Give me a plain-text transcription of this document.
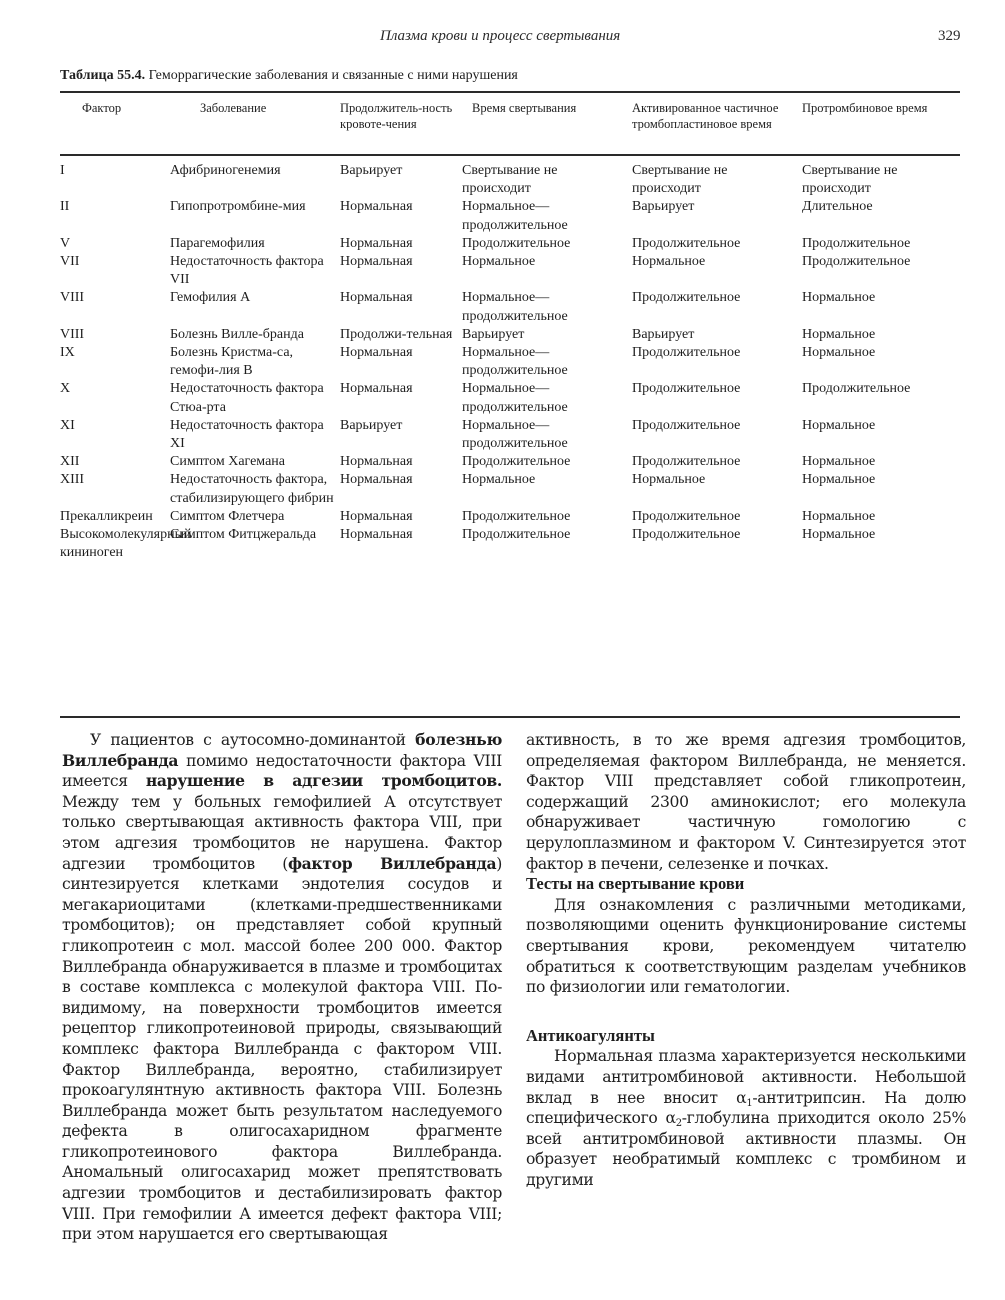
Плазма крови и процесс свертывания	329
Таблица 55.4. Геморрагические заболевания и связанные с ними нарушения
Фактор	Заболевание	Продолжитель-ность кровоте-чения	Время свертывания	Активированное частичное тромбопластиновое время	Протромбиновое время
I	Афибриногенемия	Варьирует	Свертывание не происходит	Свертывание не происходит	Свертывание не происходит
II	Гипопротромбине-мия	Нормальная	Нормальное—продолжительное	Варьирует	Длительное
V	Парагемофилия	Нормальная	Продолжительное	Продолжительное	Продолжительное
VII	Недостаточность фактора VII	Нормальная	Нормальное	Нормальное	Продолжительное
VIII	Гемофилия А	Нормальная	Нормальное—продолжительное	Продолжительное	Нормальное
VIII	Болезнь Вилле-бранда	Продолжи-тельная	Варьирует	Варьирует	Нормальное
IX	Болезнь Кристма-са, гемофи-лия В	Нормальная	Нормальное—продолжительное	Продолжительное	Нормальное
X	Недостаточность фактора Стюа-рта	Нормальная	Нормальное—продолжительное	Продолжительное	Продолжительное
XI	Недостаточность фактора XI	Варьирует	Нормальное—продолжительное	Продолжительное	Нормальное
XII	Симптом Хагемана	Нормальная	Продолжительное	Продолжительное	Нормальное
XIII	Недостаточность фактора, стабилизирующего фибрин	Нормальная	Нормальное	Нормальное	Нормальное
Прекалликреин	Симптом Флетчера	Нормальная	Продолжительное	Продолжительное	Нормальное
Высокомолекулярный кининоген	Симптом Фитцжеральда	Нормальная	Продолжительное	Продолжительное	Нормальное

У пациентов с аутосомно-доминантой болезнью Виллебранда помимо недостаточности фактора VIII имеется нарушение в адгезии тромбоцитов. Между тем у больных гемофилией А отсутствует только свертывающая активность фактора VIII, при этом адгезия тромбоцитов не нарушена. Фактор адгезии тромбоцитов (фактор Виллебранда) синтезируется клетками эндотелия сосудов и мегакариоцитами (клетками-предшественниками тромбоцитов); он представляет собой крупный гликопротеин с мол. массой более 200 000. Фактор Виллебранда обнаруживается в плазме и тромбоцитах в составе комплекса с молекулой фактора VIII. По-видимому, на поверхности тромбоцитов имеется рецептор гликопротеиновой природы, связывающий комплекс фактора Виллебранда с фактором VIII. Фактор Виллебранда, вероятно, стабилизирует прокоагулянтную активность фактора VIII. Болезнь Виллебранда может быть результатом наследуемого дефекта в олигосахаридном фрагменте гликопротеинового фактора Виллебранда. Аномальный олигосахарид может препятствовать адгезии тромбоцитов и дестабилизировать фактор VIII. При гемофилии А имеется дефект фактора VIII; при этом нарушается его свертывающая

активность, в то же время адгезия тромбоцитов, определяемая фактором Виллебранда, не меняется. Фактор VIII представляет собой гликопротеин, содержащий 2300 аминокислот; его молекула обнаруживает частичную гомологию с церулоплазмином и фактором V. Синтезируется этот фактор в печени, селезенке и почках.

Тесты на свертывание крови

Для ознакомления с различными методиками, позволяющими оценить функционирование системы свертывания крови, рекомендуем читателю обратиться к соответствующим разделам учебников по физиологии или гематологии.

Антикоагулянты

Нормальная плазма характеризуется несколькими видами антитромбиновой активности. Небольшой вклад в нее вносит $\alpha_1$-антитрипсин. На долю специфического $\alpha_2$-глобулина приходится около 25% всей антитромбиновой активности плазмы. Он образует необратимый комплекс с тромбином и другими
